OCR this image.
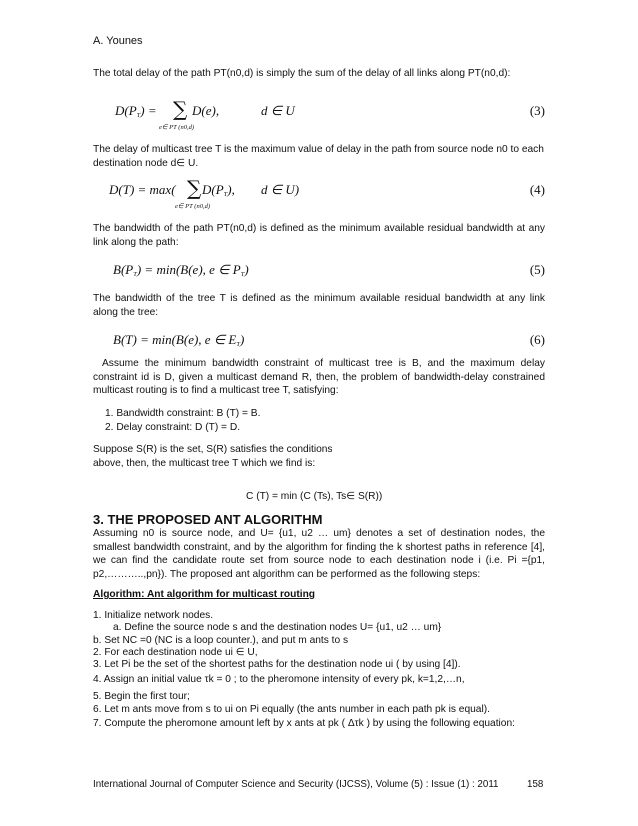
A. Younes
The total delay of the path PT(n0,d) is simply the sum of the delay of all links along PT(n0,d):
$D(P_T)$ = ∑ D(e),	d ∈ U
e∈ PT (n0,d)
(3)
The delay of multicast tree T is the maximum value of delay in the path from source node n0 to each destination node d∈ U.
D(T) = max( ∑ $D(P_T)$, d ∈ U)
e∈ PT (n0,d)
(4)
The bandwidth of the path PT(n0,d) is defined as the minimum available residual bandwidth at any link along the path:
$B(P_T) = \min(B(e)$, e ∈ $P_T$)	(5)
The bandwidth of the tree T is defined as the minimum available residual bandwidth at any link along the tree:
B(T) = min(B(e), e ∈ $E_T$)	(6)
Assume the minimum bandwidth constraint of multicast tree is B, and the maximum delay constraint id is D, given a multicast demand R, then, the problem of bandwidth-delay constrained multicast routing is to find a multicast tree T, satisfying:
1. Bandwidth constraint: B (T) = B.
2. Delay constraint: D (T) = D.
Suppose S(R) is the set, S(R) satisfies the conditions
above, then, the multicast tree T which we find is:
C (T) = min (C (Ts), Ts∈ S(R))
3. THE PROPOSED ANT ALGORITHM
Assuming n0 is source node, and U= {u1, u2 … um} denotes a set of destination nodes, the smallest bandwidth constraint, and by the algorithm for finding the k shortest paths in reference [4], we can find the candidate route set from source node to each destination node i (i.e. Pi ={p1, p2,………..,pn}). The proposed ant algorithm can be performed as the following steps:
Algorithm: Ant algorithm for multicast routing
1. Initialize network nodes.
a. Define the source node s and the destination nodes U= {u1, u2 … um}
b. Set NC =0 (NC is a loop counter.), and put m ants to s
2. For each destination node ui ∈ U,
3. Let Pi be the set of the shortest paths for the destination node ui ( by using [4]).
4. Assign an initial value τk = 0 ; to the pheromone intensity of every pk, k=1,2,…n,
5. Begin the first tour;
6. Let m ants move from s to ui on Pi equally (the ants number in each path pk is equal).
7. Compute the pheromone amount left by x ants at pk ( Δτk ) by using the following equation:
International Journal of Computer Science and Security (IJCSS), Volume (5) : Issue (1) : 2011	158
